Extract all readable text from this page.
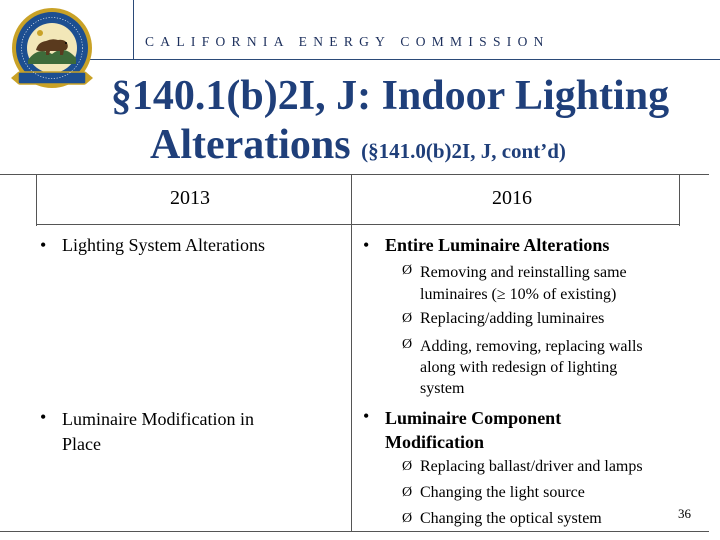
CALIFORNIA ENERGY COMMISSION
§140.1(b)2I, J: Indoor Lighting
Alterations (§141.0(b)2I, J, cont’d)
2013	2016
• Lighting System Alterations
• Luminaire Modification in
Place
• Entire Luminaire Alterations
Ø Removing and reinstalling same
luminaires (≥ 10% of existing)
Ø Replacing/adding luminaires
Ø Adding, removing, replacing walls
along with redesign of lighting
system
• Luminaire Component
Modification
Ø Replacing ballast/driver and lamps
Ø Changing the light source
Ø Changing the optical system	36
